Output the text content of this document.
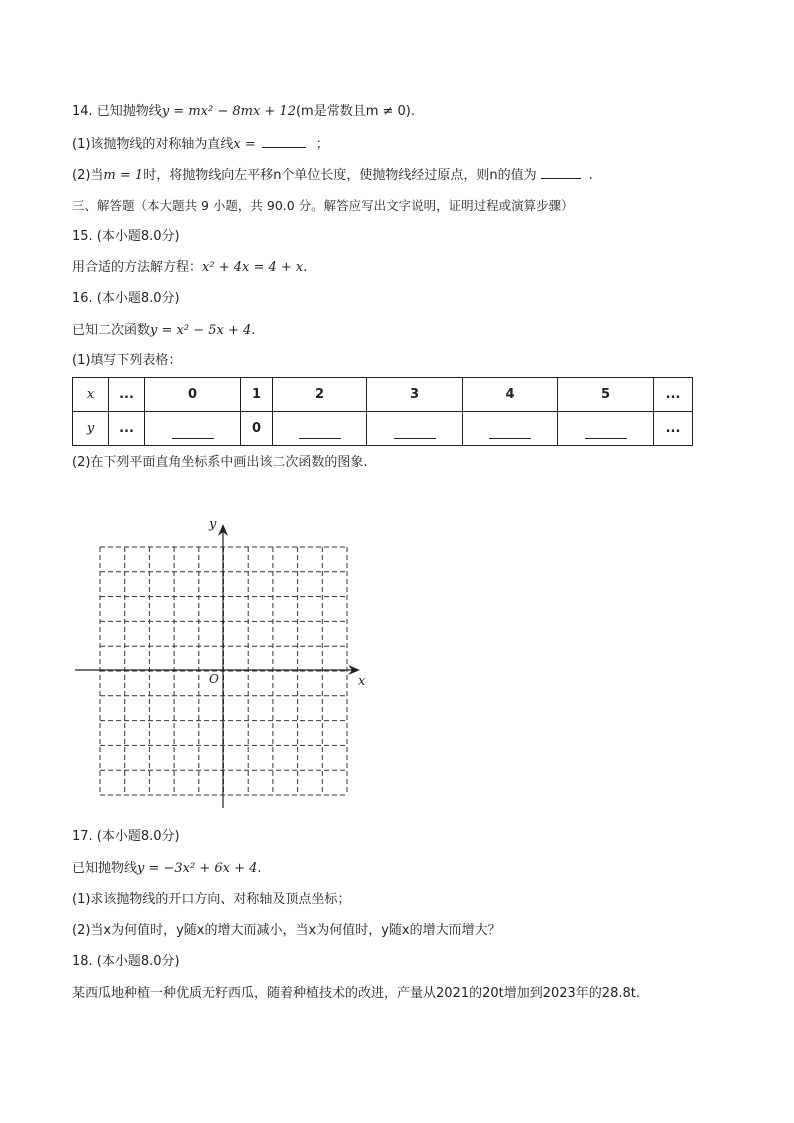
14. 已知抛物线y = mx² − 8mx + 12(m是常数且m ≠ 0).
(1)该抛物线的对称轴为直线x =	；
(2)当m = 1时，将抛物线向左平移n个单位长度，使抛物线经过原点，则n的值为	.
三、解答题（本大题共 9 小题，共 90.0 分。解答应写出文字说明，证明过程或演算步骤）
15. (本小题8.0分)
用合适的方法解方程：x² + 4x = 4 + x.
16. (本小题8.0分)
已知二次函数y = x² − 5x + 4.
(1)填写下列表格：
x	...	0	1	2	3	4	5	...
y	...		0					...
(2)在下列平面直角坐标系中画出该二次函数的图象.
x
y
O
17. (本小题8.0分)
已知抛物线y = −3x² + 6x + 4.
(1)求该抛物线的开口方向、对称轴及顶点坐标；
(2)当x为何值时，y随x的增大而减小，当x为何值时，y随x的增大而增大？
18. (本小题8.0分)
某西瓜地种植一种优质无籽西瓜，随着种植技术的改进，产量从2021的20t增加到2023年的28.8t.
